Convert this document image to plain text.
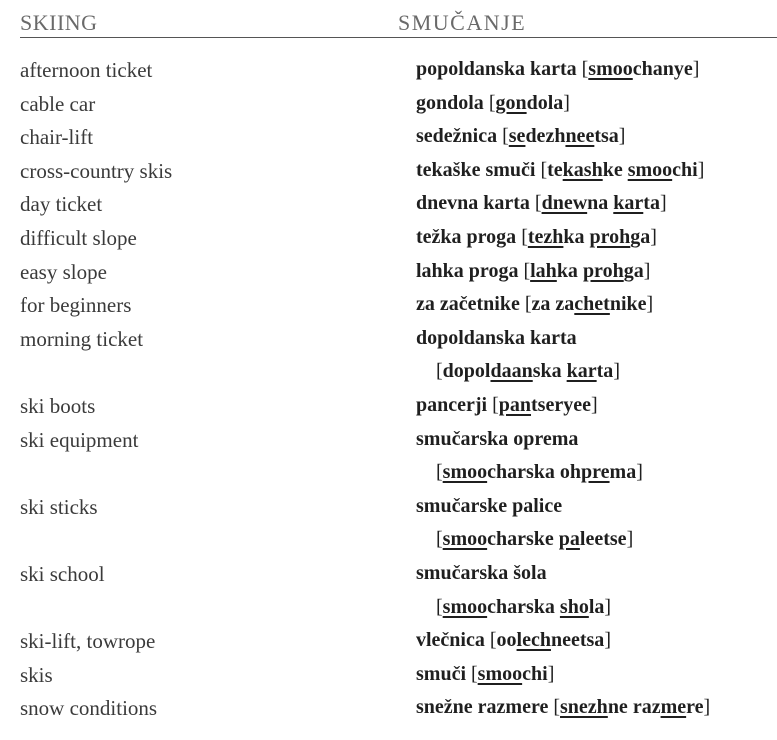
SKIING	SMUČANJE
afternoon ticket	popoldanska karta [smoochanye]
cable car	gondola [gondola]
chair-lift	sedežnica [sedezhneetsa]
cross-country skis	tekaške smuči [tekashke smoochi]
day ticket	dnevna karta [dnewna karta]
difficult slope	težka proga [tezhka prohga]
easy slope	lahka proga [lahka prohga]
for beginners	za začetnike [za zachetnike]
morning ticket	dopoldanska karta
[dopoldaanska karta]
ski boots	pancerji [pantseryee]
ski equipment	smučarska oprema
[smoocharska ohprema]
ski sticks	smučarske palice
[smoocharske paleetse]
ski school	smučarska šola
[smoocharska shola]
ski-lift, towrope	vlečnica [oolechneetsa]
skis	smuči [smoochi]
snow conditions	snežne razmere [snezhne razmere]
